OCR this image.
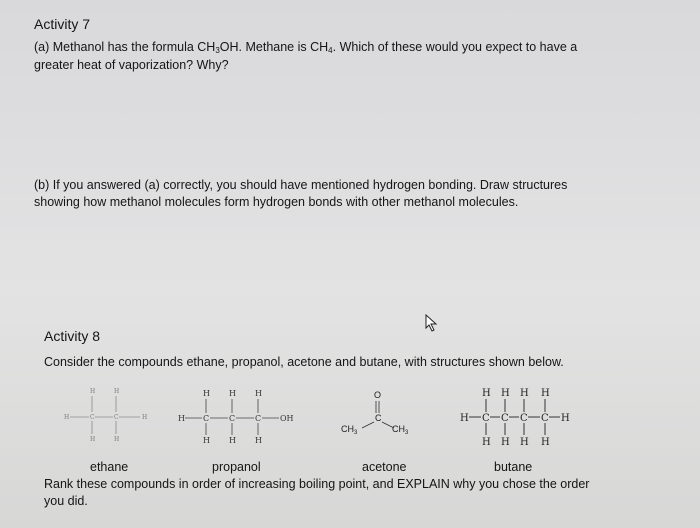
Activity 7
(a) Methanol has the formula $CH_3OH$. Methane is $CH_4$. Which of these would you expect to have a
greater heat of vaporization? Why?
(b) If you answered (a) correctly, you should have mentioned hydrogen bonding. Draw structures
showing how methanol molecules form hydrogen bonds with other methanol molecules.
Activity 8
Consider the compounds ethane, propanol, acetone and butane, with structures shown below.
H	H
H	C	C	H
H	H
H H H
H C C C OH
H H H
O
C
$CH_3$	$CH_3$
H H H H
H C C C C H
H H H H
ethane	propanol	acetone	butane
Rank these compounds in order of increasing boiling point, and EXPLAIN why you chose the order
you did.
